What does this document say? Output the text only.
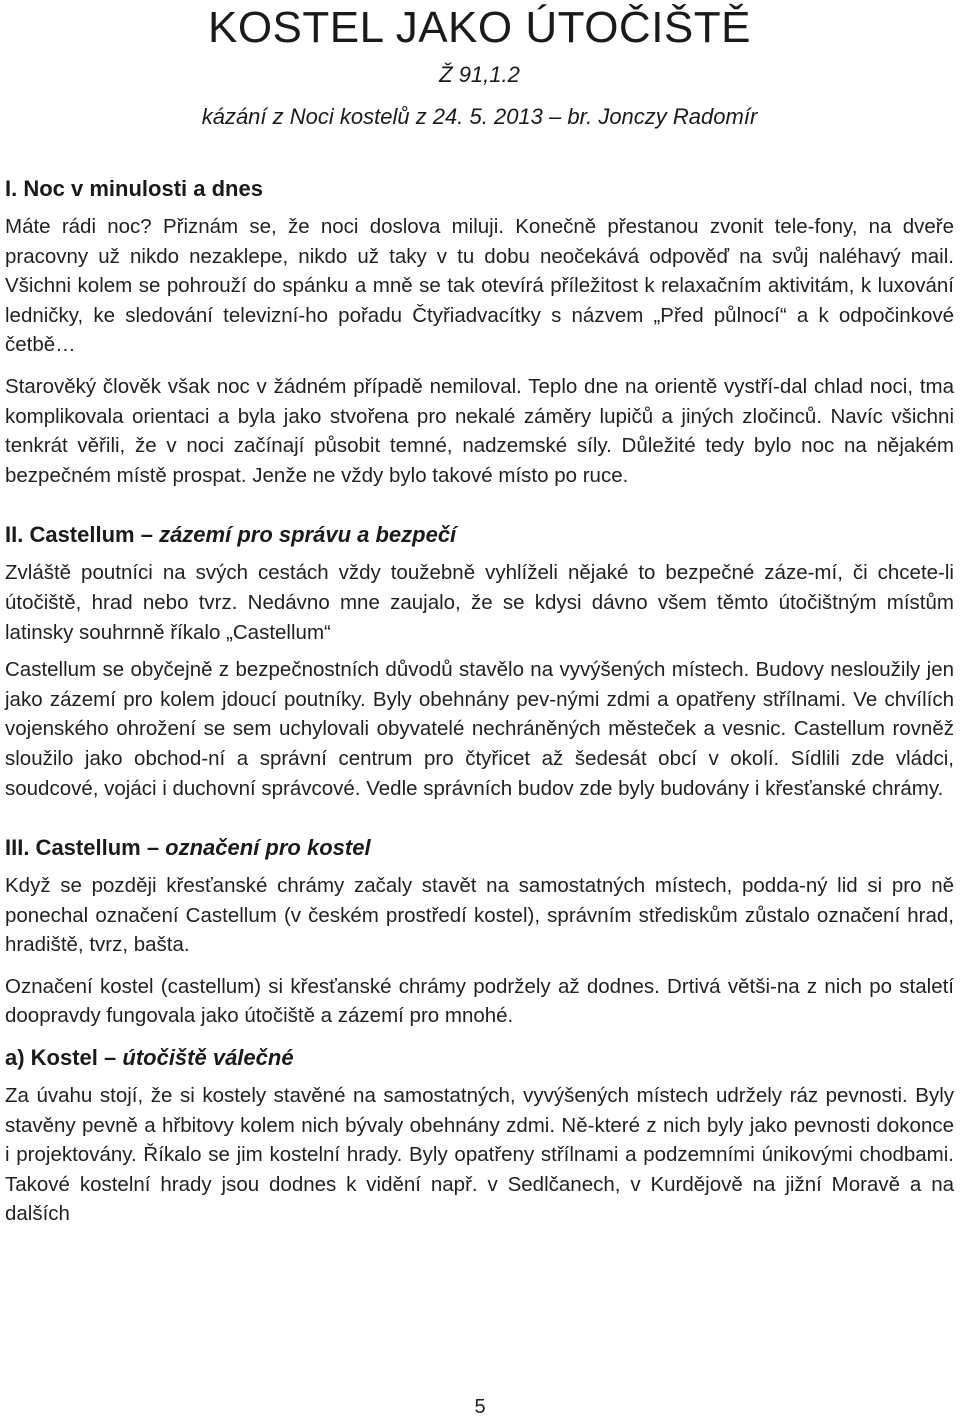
KOSTEL JAKO ÚTOČIŠTĚ
Ž 91,1.2
kázání z Noci kostelů z 24. 5. 2013 – br. Jonczy Radomír
I. Noc v minulosti a dnes

Máte rádi noc? Přiznám se, že noci doslova miluji. Konečně přestanou zvonit tele-fony, na dveře pracovny už nikdo nezaklepe, nikdo už taky v tu dobu neočekává odpověď na svůj naléhavý mail. Všichni kolem se pohrouží do spánku a mně se tak otevírá příležitost k relaxačním aktivitám, k luxování ledničky, ke sledování televizní-ho pořadu Čtyřiadvacítky s názvem „Před půlnocí“ a k odpočinkové četbě…

Starověký člověk však noc v žádném případě nemiloval. Teplo dne na orientě vystří-dal chlad noci, tma komplikovala orientaci a byla jako stvořena pro nekalé záměry lupičů a jiných zločinců. Navíc všichni tenkrát věřili, že v noci začínají působit temné, nadzemské síly. Důležité tedy bylo noc na nějakém bezpečném místě prospat. Jenže ne vždy bylo takové místo po ruce.

II. Castellum – zázemí pro správu a bezpečí

Zvláště poutníci na svých cestách vždy toužebně vyhlíželi nějaké to bezpečné záze-mí, či chcete-li útočiště, hrad nebo tvrz. Nedávno mne zaujalo, že se kdysi dávno všem těmto útočištným místům latinsky souhrnně říkalo „Castellum“

Castellum se obyčejně z bezpečnostních důvodů stavělo na vyvýšených místech. Budovy nesloužily jen jako zázemí pro kolem jdoucí poutníky. Byly obehnány pev-nými zdmi a opatřeny střílnami. Ve chvílích vojenského ohrožení se sem uchylovali obyvatelé nechráněných městeček a vesnic. Castellum rovněž sloužilo jako obchod-ní a správní centrum pro čtyřicet až šedesát obcí v okolí. Sídlili zde vládci, soudcové, vojáci i duchovní správcové. Vedle správních budov zde byly budovány i křesťanské chrámy.

III. Castellum – označení pro kostel

Když se později křesťanské chrámy začaly stavět na samostatných místech, podda-ný lid si pro ně ponechal označení Castellum (v českém prostředí kostel), správním střediskům zůstalo označení hrad, hradiště, tvrz, bašta.

Označení kostel (castellum) si křesťanské chrámy podržely až dodnes. Drtivá větši-na z nich po staletí doopravdy fungovala jako útočiště a zázemí pro mnohé.

a) Kostel – útočiště válečné

Za úvahu stojí, že si kostely stavěné na samostatných, vyvýšených místech udržely ráz pevnosti. Byly stavěny pevně a hřbitovy kolem nich bývaly obehnány zdmi. Ně-které z nich byly jako pevnosti dokonce i projektovány. Říkalo se jim kostelní hrady. Byly opatřeny střílnami a podzemními únikovými chodbami. Takové kostelní hrady jsou dodnes k vidění např. v Sedlčanech, v Kurdějově na jižní Moravě a na dalších

5
